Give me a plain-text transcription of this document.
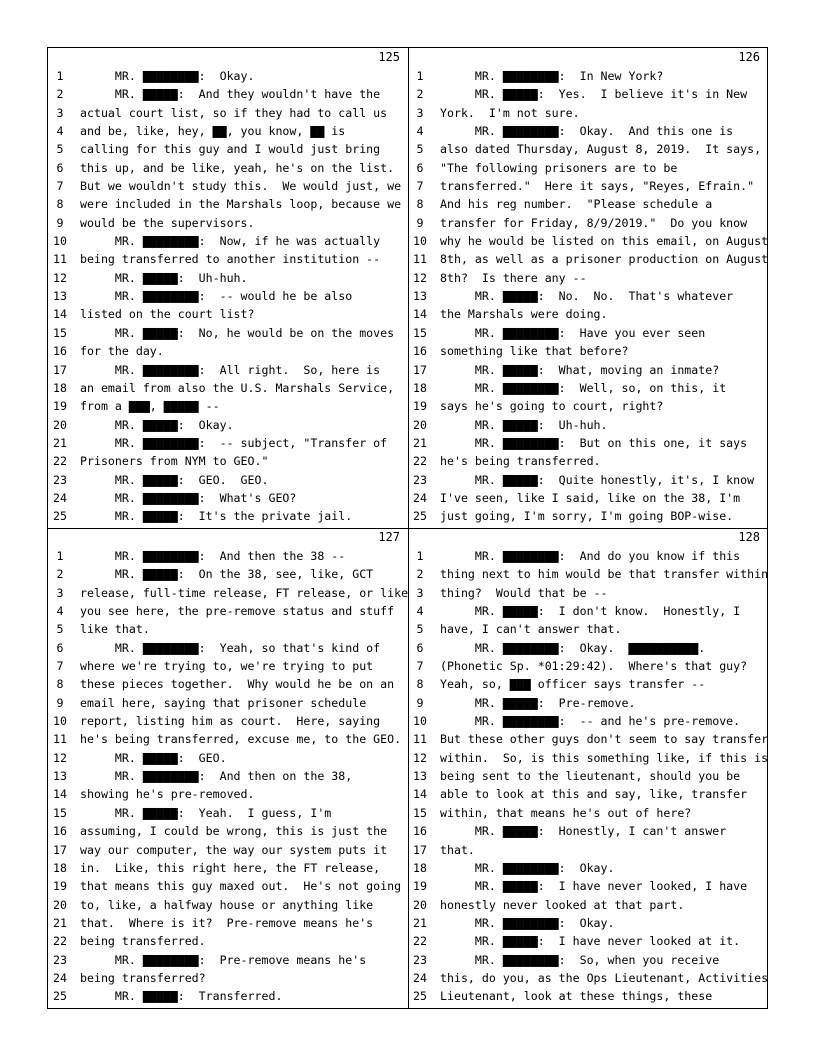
125
1	MR. ▇▇▇▇▇▇▇▇:  Okay.
2	MR. ▇▇▇▇▇:  And they wouldn't have the
3	actual court list, so if they had to call us
4	and be, like, hey, ▇▇, you know, ▇▇ is
5	calling for this guy and I would just bring
6	this up, and be like, yeah, he's on the list.
7	But we wouldn't study this.  We would just, we
8	were included in the Marshals loop, because we
9	would be the supervisors.
10 MR. ▇▇▇▇▇▇▇▇:  Now, if he was actually
11 being transferred to another institution --
12 MR. ▇▇▇▇▇:  Uh-huh.
13 MR. ▇▇▇▇▇▇▇▇:  -- would he be also
14 listed on the court list?
15 MR. ▇▇▇▇▇:  No, he would be on the moves
16 for the day.
17 MR. ▇▇▇▇▇▇▇▇:  All right.  So, here is
18 an email from also the U.S. Marshals Service,
19 from a ▇▇▇, ▇▇▇▇▇ --
20 MR. ▇▇▇▇▇:  Okay.
21 MR. ▇▇▇▇▇▇▇▇:  -- subject, "Transfer of
22 Prisoners from NYM to GEO."
23 MR. ▇▇▇▇▇:  GEO.  GEO.
24 MR. ▇▇▇▇▇▇▇▇:  What's GEO?
25 MR. ▇▇▇▇▇:  It's the private jail.
126
1	MR. ▇▇▇▇▇▇▇▇:  In New York?
2	MR. ▇▇▇▇▇:  Yes.  I believe it's in New
3	York.  I'm not sure.
4	MR. ▇▇▇▇▇▇▇▇:  Okay.  And this one is
5	also dated Thursday, August 8, 2019.  It says,
6	"The following prisoners are to be
7	transferred."  Here it says, "Reyes, Efrain."
8	And his reg number.  "Please schedule a
9	transfer for Friday, 8/9/2019."  Do you know
10 why he would be listed on this email, on August
11 8th, as well as a prisoner production on August
12 8th?  Is there any --
13 MR. ▇▇▇▇▇:  No.  No.  That's whatever
14 the Marshals were doing.
15 MR. ▇▇▇▇▇▇▇▇:  Have you ever seen
16 something like that before?
17 MR. ▇▇▇▇▇:  What, moving an inmate?
18 MR. ▇▇▇▇▇▇▇▇:  Well, so, on this, it
19 says he's going to court, right?
20 MR. ▇▇▇▇▇:  Uh-huh.
21 MR. ▇▇▇▇▇▇▇▇:  But on this one, it says
22 he's being transferred.
23 MR. ▇▇▇▇▇:  Quite honestly, it's, I know
24 I've seen, like I said, like on the 38, I'm
25 just going, I'm sorry, I'm going BOP-wise.
127
1	MR. ▇▇▇▇▇▇▇▇:  And then the 38 --
2	MR. ▇▇▇▇▇:  On the 38, see, like, GCT
3	release, full-time release, FT release, or like
4	you see here, the pre-remove status and stuff
5	like that.
6	MR. ▇▇▇▇▇▇▇▇:  Yeah, so that's kind of
7	where we're trying to, we're trying to put
8	these pieces together.  Why would he be on an
9	email here, saying that prisoner schedule
10 report, listing him as court.  Here, saying
11 he's being transferred, excuse me, to the GEO.
12 MR. ▇▇▇▇▇:  GEO.
13 MR. ▇▇▇▇▇▇▇▇:  And then on the 38,
14 showing he's pre-removed.
15 MR. ▇▇▇▇▇:  Yeah.  I guess, I'm
16 assuming, I could be wrong, this is just the
17 way our computer, the way our system puts it
18 in.  Like, this right here, the FT release,
19 that means this guy maxed out.  He's not going
20 to, like, a halfway house or anything like
21 that.  Where is it?  Pre-remove means he's
22 being transferred.
23 MR. ▇▇▇▇▇▇▇▇:  Pre-remove means he's
24 being transferred?
25 MR. ▇▇▇▇▇:  Transferred.
128
1	MR. ▇▇▇▇▇▇▇▇:  And do you know if this
2	thing next to him would be that transfer within
3	thing?  Would that be --
4	MR. ▇▇▇▇▇:  I don't know.  Honestly, I
5	have, I can't answer that.
6	MR. ▇▇▇▇▇▇▇▇:  Okay.  ▇▇▇▇▇▇▇▇▇▇.
7	(Phonetic Sp. *01:29:42).  Where's that guy?
8	Yeah, so, ▇▇▇ officer says transfer --
9	MR. ▇▇▇▇▇:  Pre-remove.
10 MR. ▇▇▇▇▇▇▇▇:  -- and he's pre-remove.
11 But these other guys don't seem to say transfer
12 within.  So, is this something like, if this is
13 being sent to the lieutenant, should you be
14 able to look at this and say, like, transfer
15 within, that means he's out of here?
16 MR. ▇▇▇▇▇:  Honestly, I can't answer
17 that.
18 MR. ▇▇▇▇▇▇▇▇:  Okay.
19 MR. ▇▇▇▇▇:  I have never looked, I have
20 honestly never looked at that part.
21 MR. ▇▇▇▇▇▇▇▇:  Okay.
22 MR. ▇▇▇▇▇:  I have never looked at it.
23 MR. ▇▇▇▇▇▇▇▇:  So, when you receive
24 this, do you, as the Ops Lieutenant, Activities
25 Lieutenant, look at these things, these
